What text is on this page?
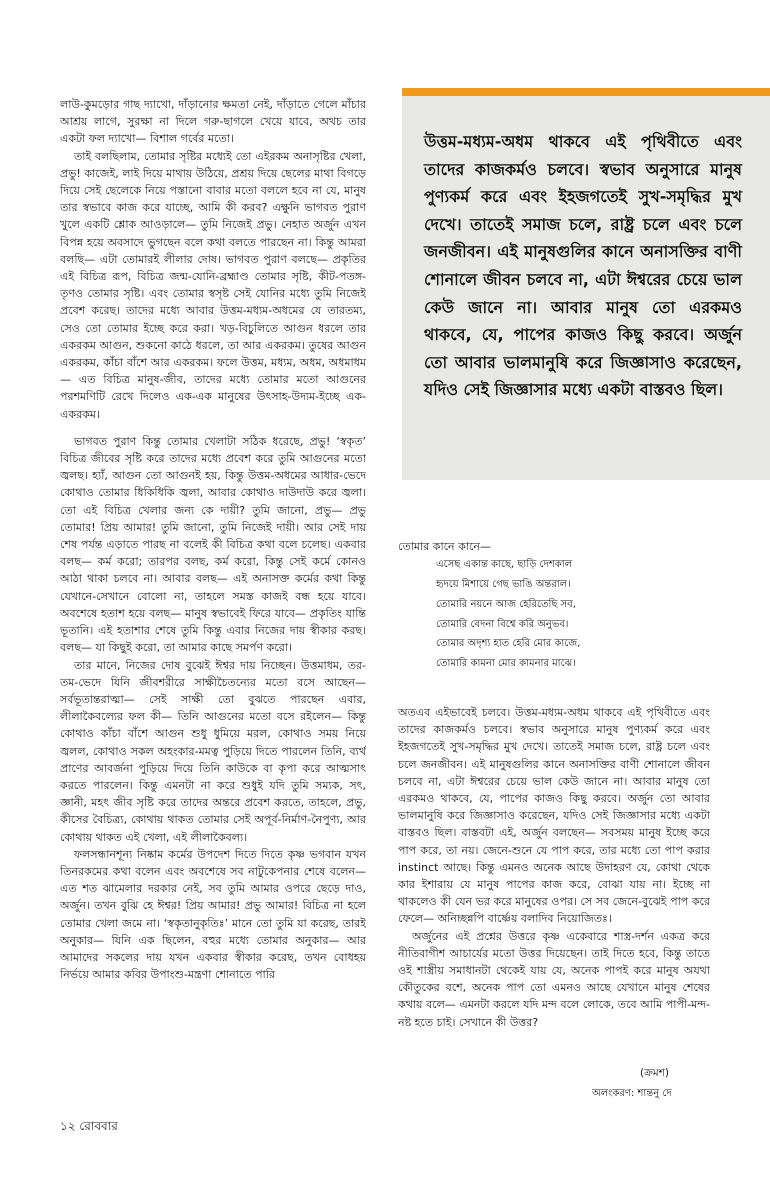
লাউ-কুমড়োর গাছ দ্যাখো, দাঁড়ানোর ক্ষমতা নেই, দাঁড়াতে গেলে মাঁচার আশ্রয় লাগে, সুরক্ষা না দিলে গরু-ছাগলে খেয়ে যাবে, অথচ তার একটা ফল দ্যাখো— বিশাল গর্বের মতো।

তাই বলছিলাম, তোমার সৃষ্টির মধ্যেই তো এইরকম অনাসৃষ্টির খেলা, প্রভু! কাজেই, লাই দিয়ে মাথায় উঠিয়ে, প্রশ্রয় দিয়ে ছেলের মাথা বিগড়ে দিয়ে সেই ছেলেকে নিয়ে পস্তানো বাবার মতো বললে হবে না যে, মানুষ তার স্বভাবে কাজ করে যাচ্ছে, আমি কী করব? এক্ষুনি ভাগবত পুরাণ খুলে একটি শ্লোক আওড়ালে— তুমি নিজেই প্রভু। নেহাত অর্জুন এখন বিপন্ন হয়ে অবসাদে ভুগছেন বলে কথা বলতে পারছেন না। কিন্তু আমরা বলছি— এটা তোমারই লীলার দোষ। ভাগবত পুরাণ বলছে— প্রকৃতির এই বিচিত্র রূপ, বিচিত্র জন্ম-যোনি-ব্রহ্মাণ্ড তোমার সৃষ্টি, কীট-পতঙ্গ-তৃণও তোমার সৃষ্টি। এবং তোমার স্বসৃষ্ট সেই যোনির মধ্যে তুমি নিজেই প্রবেশ করেছ। তাদের মধ্যে আবার উত্তম-মধ্যম-অধমের যে তারতম্য, সেও তো তোমার ইচ্ছে করে করা। খড়-বিচুলিতে আগুন ধরলে তার একরকম আগুন, শুকনো কাঠে ধরলে, তা আর একরকম। তুষের আগুন একরকম, কাঁচা বাঁশে আর একরকম। ফলে উত্তম, মধ্যম, অধম, অধমাধম— এত বিচিত্র মানুষ-জীব, তাদের মধ্যে তোমার মতো আগুনের পরশমণিটি রেখে দিলেও এক-এক মানুষের উৎসাহ-উদ্যম-ইচ্ছে এক-একরকম।

ভাগবত পুরাণ কিন্তু তোমার খেলাটা সঠিক ধরেছে, প্রভু! ‘স্বকৃত’ বিচিত্র জীবের সৃষ্টি করে তাদের মধ্যে প্রবেশ করে তুমি আগুনের মতো জ্বলছ। হ্যাঁ, আগুন তো আগুনই হয়, কিন্তু উত্তম-অধমের আধার-ভেদে কোথাও তোমার ধিকিধিকি জ্বলা, আবার কোথাও দাউদাউ করে জ্বলা। তো এই বিচিত্র খেলার জন্য কে দায়ী? তুমি জানো, প্রভু— প্রভু তোমার! প্রিয় আমার! তুমি জানো, তুমি নিজেই দায়ী। আর সেই দায় শেষ পর্যন্ত এড়াতে পারছ না বলেই কী বিচিত্র কথা বলে চলেছ। একবার বলছ— কর্ম করো; তারপর বলছ, কর্ম করো, কিন্তু সেই কর্মে কোনও আঠা থাকা চলবে না। আবার বলছ— এই অনাসক্ত কর্মের কথা কিন্তু যেখানে-সেখানে বোলো না, তাহলে সমস্ত কাজই বন্ধ হয়ে যাবে। অবশেষে হতাশ হয়ে বলছ— মানুষ স্বভাবেই ফিরে যাবে— প্রকৃতিং যান্তি ভূতানি। এই হতাশার শেষে তুমি কিন্তু এবার নিজের দায় স্বীকার করছ। বলছ— যা কিছুই করো, তা আমার কাছে সমর্পণ করো।

তার মানে, নিজের দোষ বুঝেই ঈশ্বর দায় নিচ্ছেন। উত্তমাধম, তর-তম-ভেদে যিনি জীবশরীরে সাক্ষীচৈতন্যের মতো বসে আছেন— সর্বভূতান্তরাত্মা— সেই সাক্ষী তো বুঝতে পারছেন এবার, লীলাকৈবল্যের ফল কী— তিনি আগুনের মতো বসে রইলেন— কিন্তু কোথাও কাঁচা বাঁশে আগুন শুধু ধুমিয়ে মরল, কোথাও সময় নিয়ে জ্বলল, কোথাও সকল অহংকার-মমত্ব পুড়িয়ে দিতে পারলেন তিনি, ব্যর্থ প্রাণের আবর্জনা পুড়িয়ে দিয়ে তিনি কাউকে বা কৃপা করে আত্মসাৎ করতে পারলেন। কিন্তু এমনটা না করে শুধুই যদি তুমি সম্যক, সৎ, জ্ঞানী, মহৎ জীব সৃষ্টি করে তাদের অন্তরে প্রবেশ করতে, তাহলে, প্রভু, কীসের বৈচিত্র্য, কোথায় থাকত তোমার সেই অপূর্ব-নির্মাণ-নৈপুণ্য, আর কোথায় থাকত এই খেলা, এই লীলাকৈবল্য।

ফলসন্ধানশূন্য নিষ্কাম কর্মের উপদেশ দিতে দিতে কৃষ্ণ ভগবান যখন তিনরকমের কথা বলেন এবং অবশেষে সব নাটুকেপনার শেষে বলেন— এত শত ঝামেলার দরকার নেই, সব তুমি আমার ওপরে ছেড়ে দাও, অর্জুন। তখন বুঝি হে ঈশ্বর! প্রিয় আমার! প্রভু আমার! বিচিত্র না হলে তোমার খেলা জমে না। ‘স্বকৃতানুকৃতিঃ’ মানে তো তুমি যা করেছ, তারই অনুকার— যিনি এক ছিলেন, বহুর মধ্যে তোমার অনুকার— আর আমাদের সকলের দায় যখন একবার স্বীকার করেছ, তখন বোধহয় নির্ভয়ে আমার কবির উপাংশু-মন্ত্রণা শোনাতে পারি

উত্তম-মধ্যম-অধম থাকবে এই পৃথিবীতে এবং তাদের কাজকর্মও চলবে। স্বভাব অনুসারে মানুষ পুণ্যকর্ম করে এবং ইহজগতেই সুখ-সমৃদ্ধির মুখ দেখে। তাতেই সমাজ চলে, রাষ্ট্র চলে এবং চলে জনজীবন। এই মানুষগুলির কানে অনাসক্তির বাণী শোনালে জীবন চলবে না, এটা ঈশ্বরের চেয়ে ভাল কেউ জানে না। আবার মানুষ তো এরকমও থাকবে, যে, পাপের কাজও কিছু করবে। অর্জুন তো আবার ভালমানুষি করে জিজ্ঞাসাও করেছেন, যদিও সেই জিজ্ঞাসার মধ্যে একটা বাস্তবও ছিল।

তোমার কানে কানে—

এসেছ একান্ত কাছে, ছাড়ি দেশকাল
হৃদয়ে মিশায়ে গেছ ভাঙি অন্তরাল।
তোমারি নয়নে আজ হেরিতেছি সব,
তোমারি বেদনা বিশ্বে করি অনুভব।
তোমার অদৃশ্য হাত হেরি মোর কাজে,
তোমারি কামনা মোর কামনার মাঝে।

অতএব এইভাবেই চলবে। উত্তম-মধ্যম-অধম থাকবে এই পৃথিবীতে এবং তাদের কাজকর্মও চলবে। স্বভাব অনুসারে মানুষ পুণ্যকর্ম করে এবং ইহজগতেই সুখ-সমৃদ্ধির মুখ দেখে। তাতেই সমাজ চলে, রাষ্ট্র চলে এবং চলে জনজীবন। এই মানুষগুলির কানে অনাসক্তির বাণী শোনালে জীবন চলবে না, এটা ঈশ্বরের চেয়ে ভাল কেউ জানে না। আবার মানুষ তো এরকমও থাকবে, যে, পাপের কাজও কিছু করবে। অর্জুন তো আবার ভালমানুষি করে জিজ্ঞাসাও করেছেন, যদিও সেই জিজ্ঞাসার মধ্যে একটা বাস্তবও ছিল। বাস্তবটা এই, অর্জুন বলছেন— সবসময় মানুষ ইচ্ছে করে পাপ করে, তা নয়। জেনে-শুনে যে পাপ করে, তার মধ্যে তো পাপ করার instinct আছে। কিন্তু এমনও অনেক আছে উদাহরণ যে, কোথা থেকে কার ইশারায় যে মানুষ পাপের কাজ করে, বোঝা যায় না। ইচ্ছে না থাকলেও কী যেন ভর করে মানুষের ওপর। সে সব জেনে-বুঝেই পাপ করে ফেলে— অনিচ্ছন্নপি বার্ষ্ণেয় বলাদিব নিয়োজিতঃ।

অর্জুনের এই প্রশ্নের উত্তরে কৃষ্ণ একেবারে শাস্ত্র-দর্শন একত্র করে নীতিবাগীশ আচার্যের মতো উত্তর দিয়েছেন। তাই দিতে হবে, কিন্তু তাতে ওই শাস্ত্রীয় সমাধানটা থেকেই যায় যে, অনেক পাপই করে মানুষ অযথা কৌতুকের বশে, অনেক পাপ তো এমনও আছে যেখানে মানুষ শেষের কথায় বলে— এমনটা করলে যদি মন্দ বলে লোকে, তবে আমি পাপী-মন্দ-নষ্ট হতে চাই। সেখানে কী উত্তর?

(ক্রমশ)
অলংকরণ: শান্তনু দে
১২ রোববার
